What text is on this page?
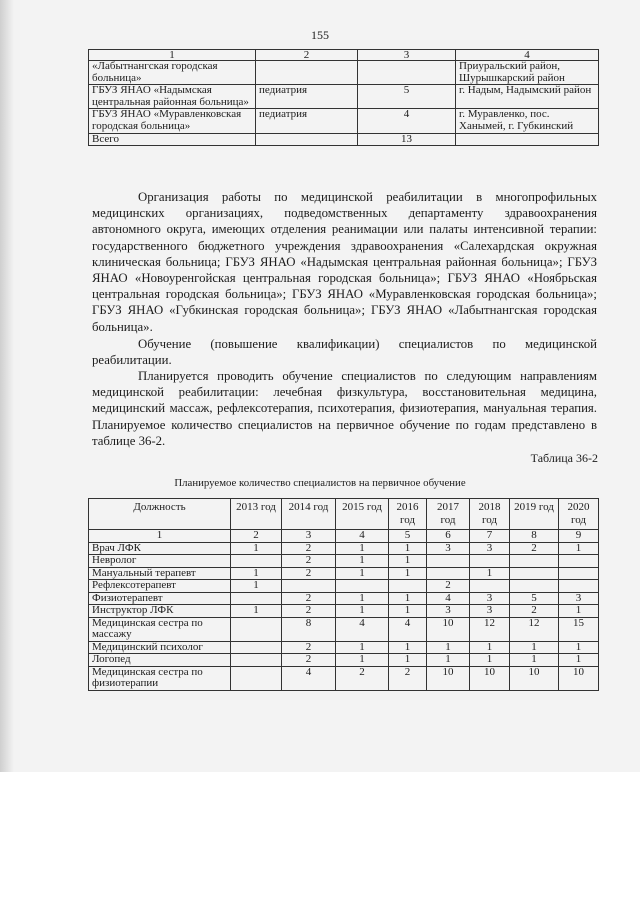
155
1	2	3	4
«Лабытнангская городская больница»			Приуральский район, Шурышкарский район
ГБУЗ ЯНАО «Надымская центральная районная больница»	педиатрия	5	г. Надым, Надымский район
ГБУЗ ЯНАО «Муравленковская городская больница»	педиатрия	4	г. Муравленко, пос. Ханымей, г. Губкинский
Всего		13	

Организация работы по медицинской реабилитации в многопрофильных медицинских организациях, подведомственных департаменту здравоохранения автономного округа, имеющих отделения реанимации или палаты интенсивной терапии: государственного бюджетного учреждения здравоохранения «Салехардская окружная клиническая больница; ГБУЗ ЯНАО «Надымская центральная районная больница»; ГБУЗ ЯНАО «Новоуренгойская центральная городская больница»; ГБУЗ ЯНАО «Ноябрьская центральная городская больница»; ГБУЗ ЯНАО «Муравленковская городская больница»; ГБУЗ ЯНАО «Губкинская городская больница»; ГБУЗ ЯНАО «Лабытнангская городская больница».

Обучение (повышение квалификации) специалистов по медицинской реабилитации.

Планируется проводить обучение специалистов по следующим направлениям медицинской реабилитации: лечебная физкультура, восстановительная медицина, медицинский массаж, рефлексотерапия, психотерапия, физиотерапия, мануальная терапия. Планируемое количество специалистов на первичное обучение по годам представлено в таблице 36-2.

Таблица 36-2
Планируемое количество специалистов на первичное обучение
Должность	2013 год	2014 год	2015 год	2016 год	2017 год	2018 год	2019 год	2020 год
1	2	3	4	5	6	7	8	9
Врач ЛФК	1	2	1	1	3	3	2	1
Невролог		2	1	1				
Мануальный терапевт	1	2	1	1		1		
Рефлексотерапевт	1				2			
Физиотерапевт		2	1	1	4	3	5	3
Инструктор ЛФК	1	2	1	1	3	3	2	1
Медицинская сестра по массажу		8	4	4	10	12	12	15
Медицинский психолог		2	1	1	1	1	1	1
Логопед		2	1	1	1	1	1	1
Медицинская сестра по физиотерапии		4	2	2	10	10	10	10
